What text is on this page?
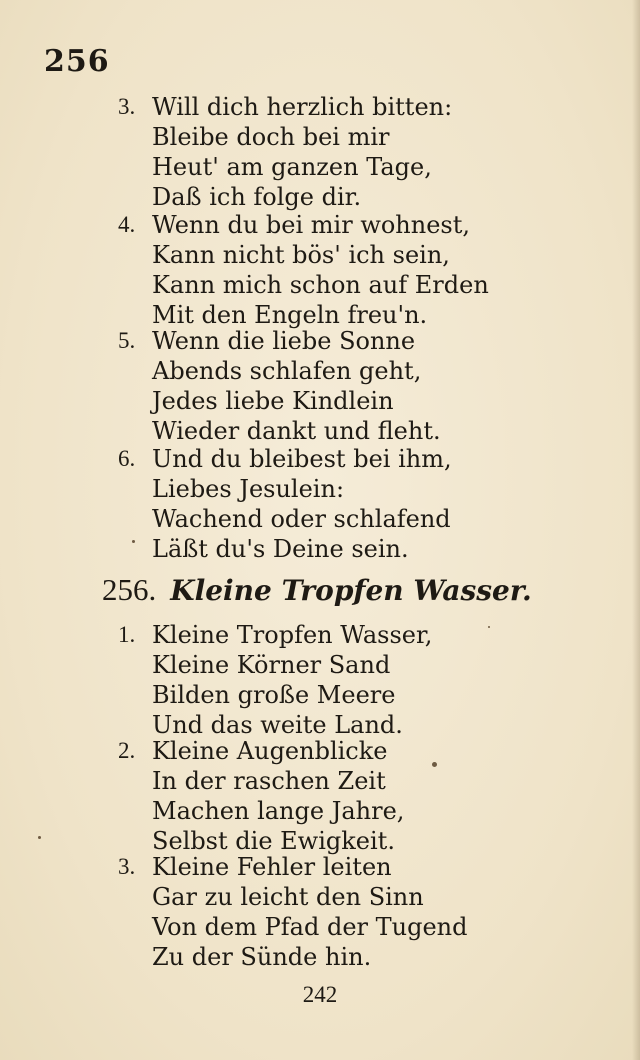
256
3. Will dich herzlich bitten:
Bleibe doch bei mir
Heut' am ganzen Tage,
Daß ich folge dir.
4. Wenn du bei mir wohnest,
Kann nicht bös' ich sein,
Kann mich schon auf Erden
Mit den Engeln freu'n.
5. Wenn die liebe Sonne
Abends schlafen geht,
Jedes liebe Kindlein
Wieder dankt und fleht.
6. Und du bleibest bei ihm,
Liebes Jesulein:
Wachend oder schlafend
Läßt du's Deine sein.
256. Kleine Tropfen Wasser.
1. Kleine Tropfen Wasser,
Kleine Körner Sand
Bilden große Meere
Und das weite Land.
2. Kleine Augenblicke
In der raschen Zeit
Machen lange Jahre,
Selbst die Ewigkeit.
3. Kleine Fehler leiten
Gar zu leicht den Sinn
Von dem Pfad der Tugend
Zu der Sünde hin.
242
